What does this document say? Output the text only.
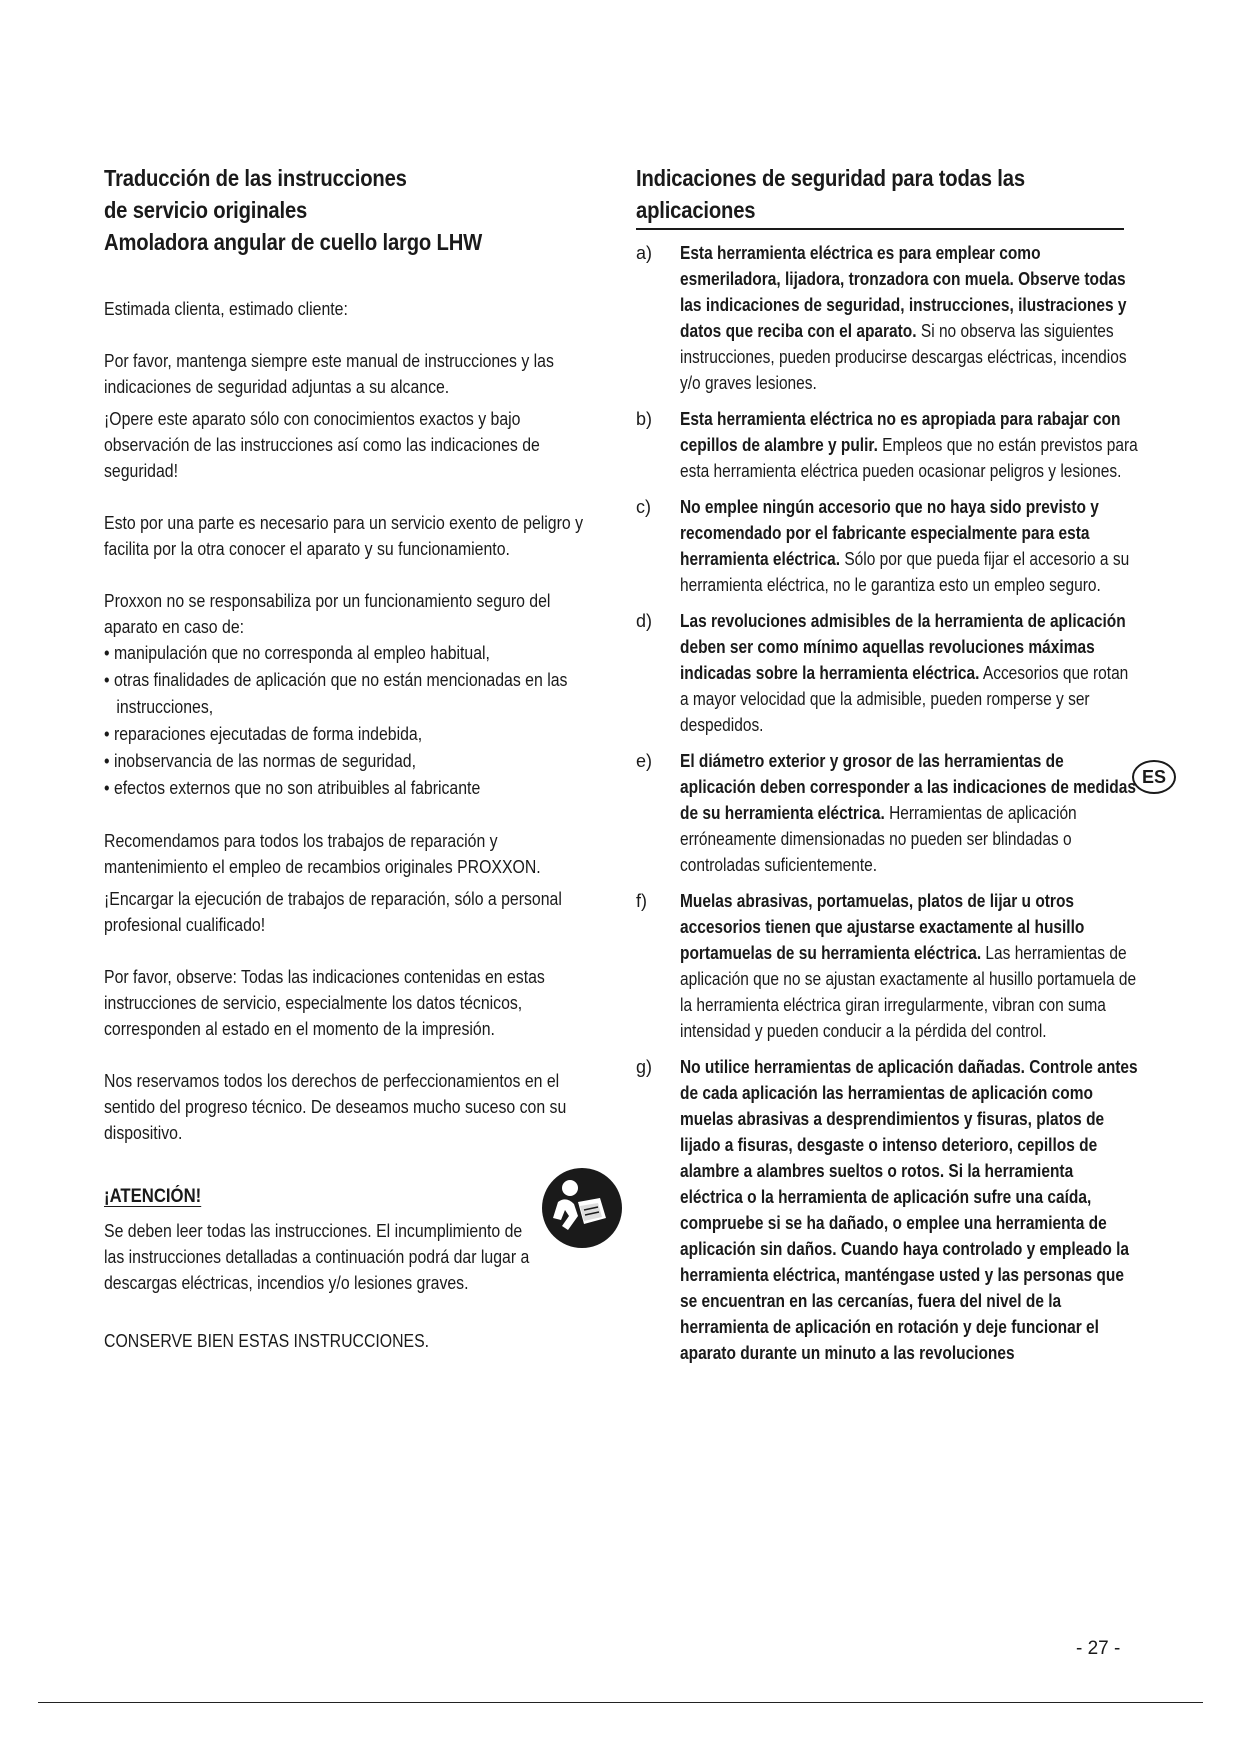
Traducción de las instrucciones
de servicio originales
Amoladora angular de cuello largo LHW

Estimada clienta, estimado cliente:

Por favor, mantenga siempre este manual de instrucciones y las indicaciones de seguridad adjuntas a su alcance.

¡Opere este aparato sólo con conocimientos exactos y bajo observación de las instrucciones así como las indicaciones de seguridad!

Esto por una parte es necesario para un servicio exento de peligro y facilita por la otra conocer el aparato y su funcionamiento.

Proxxon no se responsabiliza por un funcionamiento seguro del aparato en caso de:

• manipulación que no corresponda al empleo habitual,
• otras finalidades de aplicación que no están mencionadas en las instrucciones,
• reparaciones ejecutadas de forma indebida,
• inobservancia de las normas de seguridad,
• efectos externos que no son atribuibles al fabricante

Recomendamos para todos los trabajos de reparación y mantenimiento el empleo de recambios originales PROXXON.

¡Encargar la ejecución de trabajos de reparación, sólo a personal profesional cualificado!

Por favor, observe: Todas las indicaciones contenidas en estas instrucciones de servicio, especialmente los datos técnicos, corresponden al estado en el momento de la impresión.

Nos reservamos todos los derechos de perfeccionamientos en el sentido del progreso técnico. De deseamos mucho suceso con su dispositivo.

¡ATENCIÓN!

Se deben leer todas las instrucciones. El incumplimiento de las instrucciones detalladas a continuación podrá dar lugar a descargas eléctricas, incendios y/o lesiones graves.

CONSERVE BIEN ESTAS INSTRUCCIONES.

Indicaciones de seguridad para todas las
aplicaciones
a) Esta herramienta eléctrica es para emplear como esmeriladora, lijadora, tronzadora con muela. Observe todas las indicaciones de seguridad, instrucciones, ilustraciones y datos que reciba con el aparato. Si no observa las siguientes instrucciones, pueden producirse descargas eléctricas, incendios y/o graves lesiones.

b) Esta herramienta eléctrica no es apropiada para rabajar con cepillos de alambre y pulir. Empleos que no están previstos para esta herramienta eléctrica pueden ocasionar peligros y lesiones.

c) No emplee ningún accesorio que no haya sido previsto y recomendado por el fabricante especialmente para esta herramienta eléctrica. Sólo por que pueda fijar el accesorio a su herramienta eléctrica, no le garantiza esto un empleo seguro.

d) Las revoluciones admisibles de la herramienta de aplicación deben ser como mínimo aquellas revoluciones máximas indicadas sobre la herramienta eléctrica. Accesorios que rotan a mayor velocidad que la admisible, pueden romperse y ser despedidos.

e) El diámetro exterior y grosor de las herramientas de aplicación deben corresponder a las indicaciones de medidas de su herramienta eléctrica. Herramientas de aplicación erróneamente dimensionadas no pueden ser blindadas o controladas suficientemente.

f) Muelas abrasivas, portamuelas, platos de lijar u otros accesorios tienen que ajustarse exactamente al husillo portamuelas de su herramienta eléctrica. Las herramientas de aplicación que no se ajustan exactamente al husillo portamuela de la herramienta eléctrica giran irregularmente, vibran con suma intensidad y pueden conducir a la pérdida del control.

g) No utilice herramientas de aplicación dañadas. Controle antes de cada aplicación las herramientas de aplicación como muelas abrasivas a desprendimientos y fisuras, platos de lijado a fisuras, desgaste o intenso deterioro, cepillos de alambre a alambres sueltos o rotos. Si la herramienta eléctrica o la herramienta de aplicación sufre una caída, compruebe si se ha dañado, o emplee una herramienta de aplicación sin daños. Cuando haya controlado y empleado la herramienta eléctrica, manténgase usted y las personas que se encuentran en las cercanías, fuera del nivel de la herramienta de aplicación en rotación y deje funcionar el aparato durante un minuto a las revoluciones

ES
- 27 -
